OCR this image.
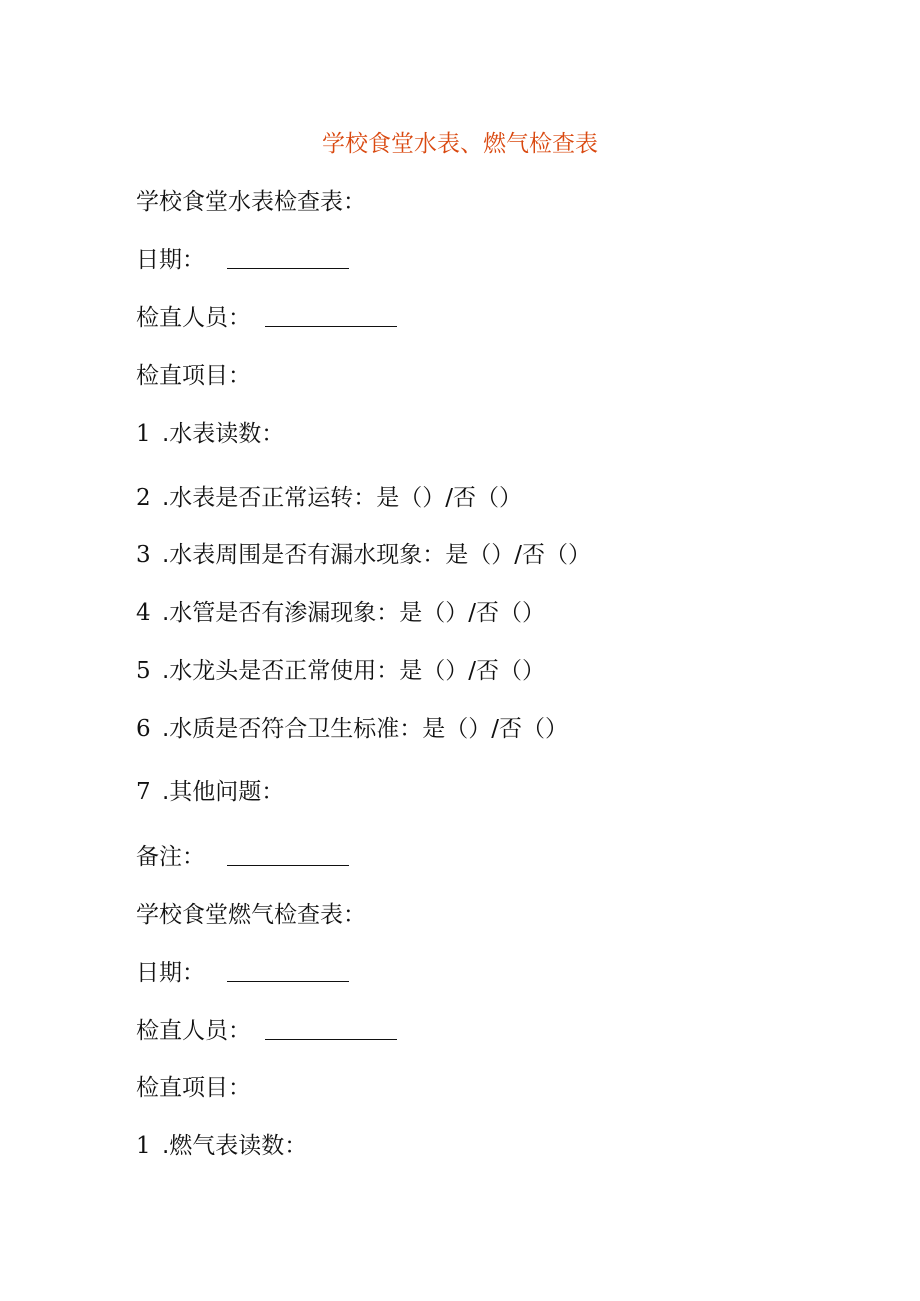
学校食堂水表、燃气检查表
学校食堂水表检查表：
日期：
检直人员：
检直项目：
1 .水表读数：
2 .水表是否正常运转：是（）/否（）
3 .水表周围是否有漏水现象：是（）/否（）
4 .水管是否有渗漏现象：是（）/否（）
5 .水龙头是否正常使用：是（）/否（）
6 .水质是否符合卫生标准：是（）/否（）
7 .其他问题：
备注：
学校食堂燃气检查表：
日期：
检直人员：
检直项目：
1 .燃气表读数：
